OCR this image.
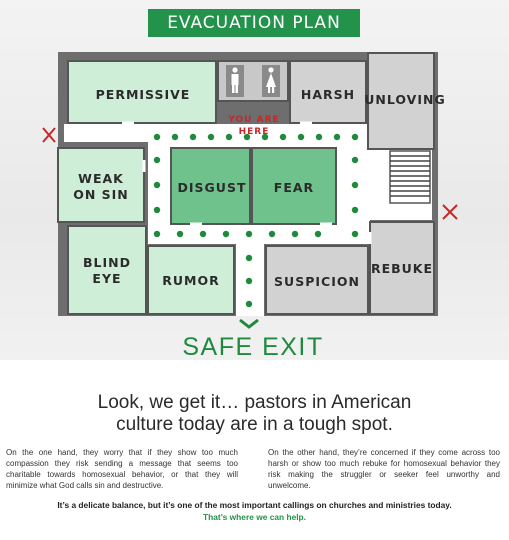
EVACUATION PLAN
PERMISSIVE	HARSH UNLOVING
WEAK
ON SIN	DISGUST FEAR
BLIND
EYE	RUMOR	SUSPICION
REBUKE
YOU ARE
HERE
SAFE EXIT
Look, we get it… pastors in American
culture today are in a tough spot.
On the one hand, they worry that if they show too much compassion they risk sending a message that seems too charitable towards homosexual behavior, or that they will minimize what God calls sin and destructive.
On the other hand, they’re concerned if they come across too harsh or show too much rebuke for homosexual behavior they risk making the struggler or seeker feel unworthy and unwelcome.
It’s a delicate balance, but it’s one of the most important callings on churches and ministries today.
That’s where we can help.
